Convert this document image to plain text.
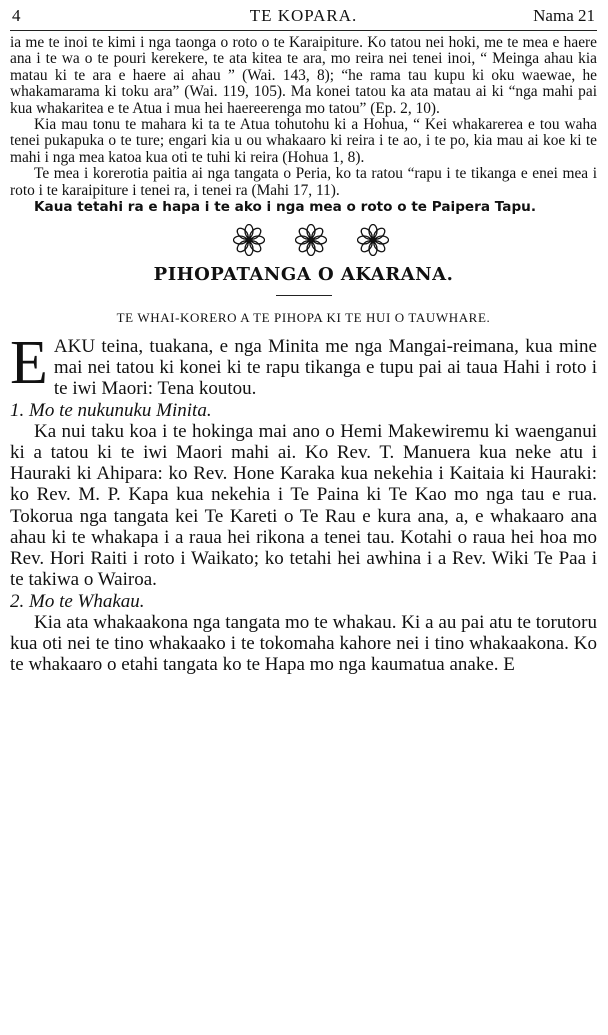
4	TE KOPARA.	Nama 21

ia me te inoi te kimi i nga taonga o roto o te Karaipiture. Ko tatou nei hoki, me te mea e haere ana i te wa o te pouri kerekere, te ata kitea te ara, mo reira nei tenei inoi, “ Meinga ahau kia matau ki te ara e haere ai ahau ” (Wai. 143, 8); “he rama tau kupu ki oku waewae, he whakamarama ki toku ara” (Wai. 119, 105). Ma konei tatou ka ata matau ai ki “nga mahi pai kua whakaritea e te Atua i mua hei haereerenga mo tatou” (Ep. 2, 10).

Kia mau tonu te mahara ki ta te Atua tohutohu ki a Hohua, “ Kei whakarerea e tou waha tenei pukapuka o te ture; engari kia u ou whakaaro ki reira i te ao, i te po, kia mau ai koe ki te mahi i nga mea katoa kua oti te tuhi ki reira (Hohua 1, 8).

Te mea i korerotia paitia ai nga tangata o Peria, ko ta ratou “rapu i te tikanga e enei mea i roto i te karaipiture i tenei ra, i tenei ra (Mahi 17, 11).

Kaua tetahi ra e hapa i te ako i nga mea o roto o te Paipera Tapu.

PIHOPATANGA O AKARANA.
TE WHAI-KORERO A TE PIHOPA KI TE HUI O TAUWHARE.

EAKU teina, tuakana, e nga Minita me nga Mangai-reimana, kua mine mai nei tatou ki konei ki te rapu tikanga e tupu pai ai taua Hahi i roto i te iwi Maori: Tena koutou.

1. Mo te nukunuku Minita.

Ka nui taku koa i te hokinga mai ano o Hemi Makewiremu ki waenganui ki a tatou ki te iwi Maori mahi ai. Ko Rev. T. Manuera kua neke atu i Hauraki ki Ahipara: ko Rev. Hone Karaka kua nekehia i Kaitaia ki Hauraki: ko Rev. M. P. Kapa kua nekehia i Te Paina ki Te Kao mo nga tau e rua. Tokorua nga tangata kei Te Kareti o Te Rau e kura ana, a, e whakaaro ana ahau ki te whakapa i a raua hei rikona a tenei tau. Kotahi o raua hei hoa mo Rev. Hori Raiti i roto i Waikato; ko tetahi hei awhina i a Rev. Wiki Te Paa i te takiwa o Wairoa.

2. Mo te Whakau.

Kia ata whakaakona nga tangata mo te whakau. Ki a au pai atu te torutoru kua oti nei te tino whakaako i te tokomaha kahore nei i tino whakaakona. Ko te whakaaro o etahi tangata ko te Hapa mo nga kaumatua anake. E
